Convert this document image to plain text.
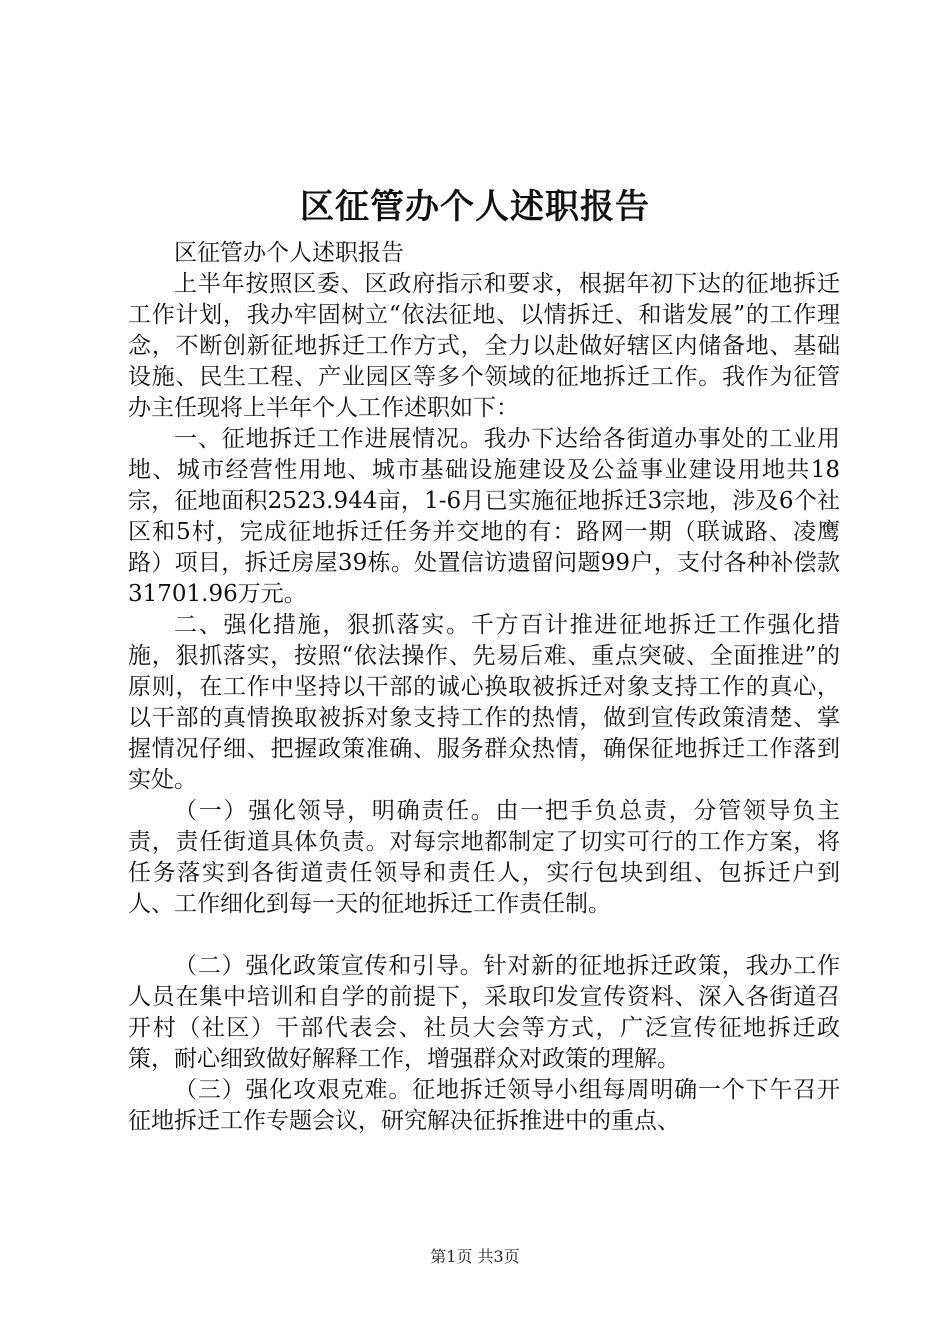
区征管办个人述职报告

区征管办个人述职报告

上半年按照区委、区政府指示和要求，根据年初下达的征地拆迁工作计划，我办牢固树立“依法征地、以情拆迁、和谐发展”的工作理念，不断创新征地拆迁工作方式，全力以赴做好辖区内储备地、基础设施、民生工程、产业园区等多个领域的征地拆迁工作。我作为征管办主任现将上半年个人工作述职如下：

一、征地拆迁工作进展情况。我办下达给各街道办事处的工业用地、城市经营性用地、城市基础设施建设及公益事业建设用地共18宗，征地面积2523.944亩，1-6月已实施征地拆迁3宗地，涉及6个社区和5村，完成征地拆迁任务并交地的有：路网一期（联诚路、凌鹰路）项目，拆迁房屋39栋。处置信访遗留问题99户，支付各种补偿款31701.96万元。

二、强化措施，狠抓落实。千方百计推进征地拆迁工作强化措施，狠抓落实，按照“依法操作、先易后难、重点突破、全面推进”的原则，在工作中坚持以干部的诚心换取被拆迁对象支持工作的真心，以干部的真情换取被拆对象支持工作的热情，做到宣传政策清楚、掌握情况仔细、把握政策准确、服务群众热情，确保征地拆迁工作落到实处。

（一）强化领导，明确责任。由一把手负总责，分管领导负主责，责任街道具体负责。对每宗地都制定了切实可行的工作方案，将任务落实到各街道责任领导和责任人，实行包块到组、包拆迁户到人、工作细化到每一天的征地拆迁工作责任制。

（二）强化政策宣传和引导。针对新的征地拆迁政策，我办工作人员在集中培训和自学的前提下，采取印发宣传资料、深入各街道召开村（社区）干部代表会、社员大会等方式，广泛宣传征地拆迁政策，耐心细致做好解释工作，增强群众对政策的理解。

（三）强化攻艰克难。征地拆迁领导小组每周明确一个下午召开征地拆迁工作专题会议，研究解决征拆推进中的重点、

第1页 共3页
